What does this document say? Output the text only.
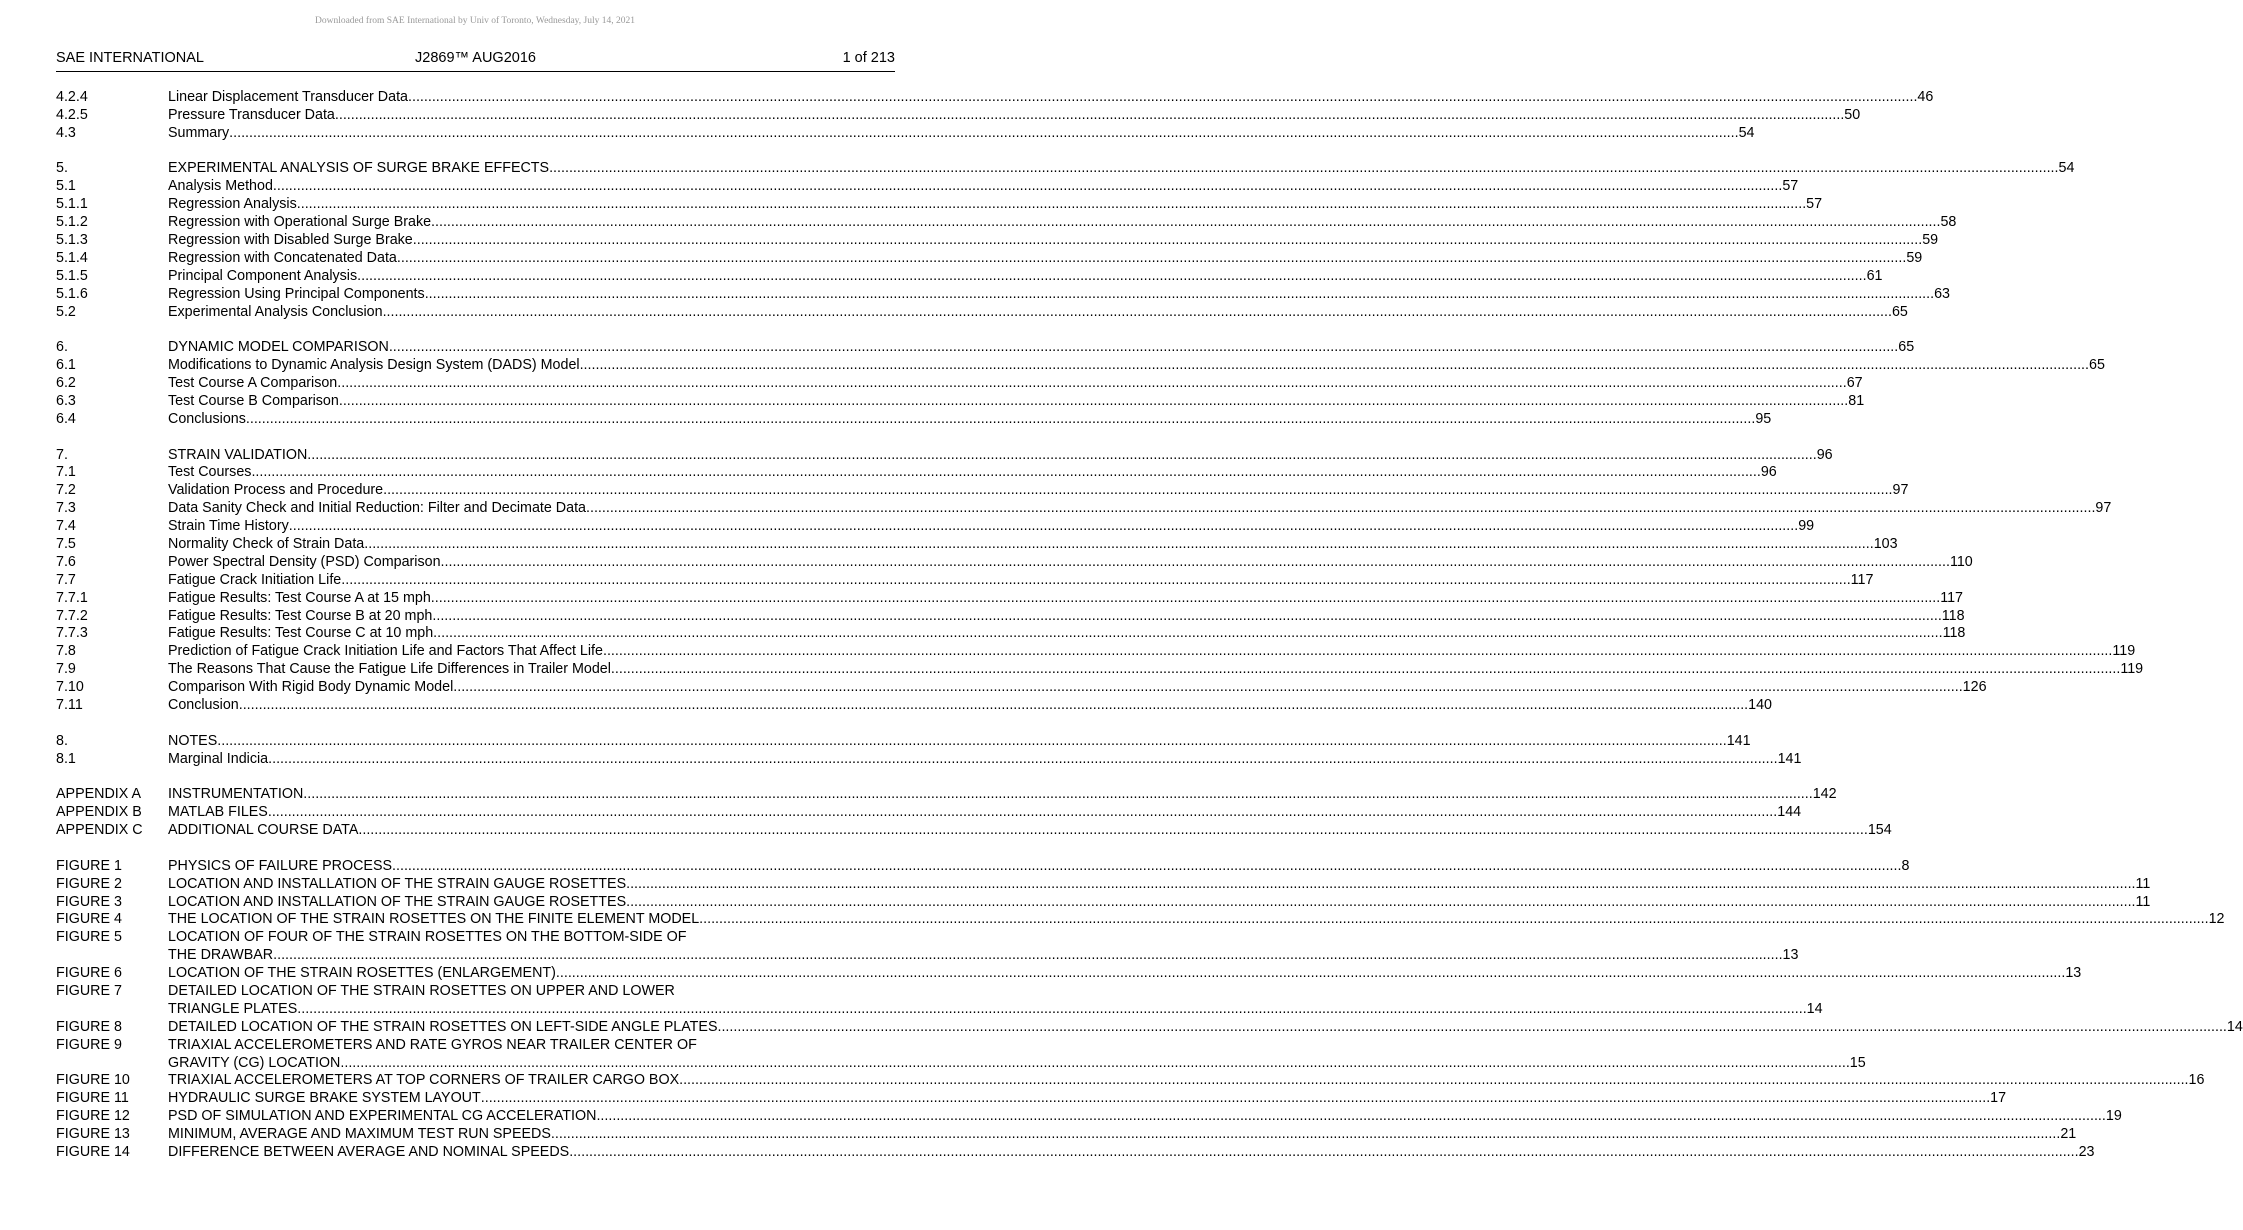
Downloaded from SAE International by Univ of Toronto, Wednesday, July 14, 2021
J2869™ AUG2016
SAE INTERNATIONAL	1 of 213
4.2.4	Linear Displacement Transducer Data .....	46
4.2.5	Pressure Transducer Data .....	50
4.3	Summary .....	54
5.	EXPERIMENTAL ANALYSIS OF SURGE BRAKE EFFECTS .....	54
5.1	Analysis Method .....	57
5.1.1	Regression Analysis .....	57
5.1.2	Regression with Operational Surge Brake .....	58
5.1.3	Regression with Disabled Surge Brake .....	59
5.1.4	Regression with Concatenated Data .....	59
5.1.5	Principal Component Analysis .....	61
5.1.6	Regression Using Principal Components .....	63
5.2	Experimental Analysis Conclusion .....	65
6.	DYNAMIC MODEL COMPARISON .....	65
6.1	Modifications to Dynamic Analysis Design System (DADS) Model .....	65
6.2	Test Course A Comparison .....	67
6.3	Test Course B Comparison .....	81
6.4	Conclusions .....	95
7.	STRAIN VALIDATION .....	96
7.1	Test Courses .....	96
7.2	Validation Process and Procedure .....	97
7.3	Data Sanity Check and Initial Reduction: Filter and Decimate Data .....	97
7.4	Strain Time History .....	99
7.5	Normality Check of Strain Data .....	103
7.6	Power Spectral Density (PSD) Comparison .....	110
7.7	Fatigue Crack Initiation Life .....	117
7.7.1	Fatigue Results: Test Course A at 15 mph .....	117
7.7.2	Fatigue Results: Test Course B at 20 mph .....	118
7.7.3	Fatigue Results: Test Course C at 10 mph .....	118
7.8	Prediction of Fatigue Crack Initiation Life and Factors That Affect Life .....	119
7.9	The Reasons That Cause the Fatigue Life Differences in Trailer Model .....	119
7.10	Comparison With Rigid Body Dynamic Model .....	126
7.11	Conclusion .....	140
8.	NOTES .....	141
8.1	Marginal Indicia .....	141
APPENDIX A INSTRUMENTATION .....	142
APPENDIX B MATLAB FILES .....	144
APPENDIX C ADDITIONAL COURSE DATA .....	154
FIGURE 1	PHYSICS OF FAILURE PROCESS .....	8
FIGURE 2	LOCATION AND INSTALLATION OF THE STRAIN GAUGE ROSETTES .....	11
FIGURE 3	LOCATION AND INSTALLATION OF THE STRAIN GAUGE ROSETTES .....	11
FIGURE 4	THE LOCATION OF THE STRAIN ROSETTES ON THE FINITE ELEMENT MODEL .....	12
FIGURE 5	LOCATION OF FOUR OF THE STRAIN ROSETTES ON THE BOTTOM-SIDE OF
THE DRAWBAR .....	13
FIGURE 6	LOCATION OF THE STRAIN ROSETTES (ENLARGEMENT) .....	13
FIGURE 7	DETAILED LOCATION OF THE STRAIN ROSETTES ON UPPER AND LOWER
TRIANGLE PLATES .....	14
FIGURE 8	DETAILED LOCATION OF THE STRAIN ROSETTES ON LEFT-SIDE ANGLE PLATES .....	14
FIGURE 9	TRIAXIAL ACCELEROMETERS AND RATE GYROS NEAR TRAILER CENTER OF
GRAVITY (CG) LOCATION .....	15
FIGURE 10	TRIAXIAL ACCELEROMETERS AT TOP CORNERS OF TRAILER CARGO BOX .....	16
FIGURE 11	HYDRAULIC SURGE BRAKE SYSTEM LAYOUT .....	17
FIGURE 12	PSD OF SIMULATION AND EXPERIMENTAL CG ACCELERATION .....	19
FIGURE 13	MINIMUM, AVERAGE AND MAXIMUM TEST RUN SPEEDS .....	21
FIGURE 14	DIFFERENCE BETWEEN AVERAGE AND NOMINAL SPEEDS .....	23
